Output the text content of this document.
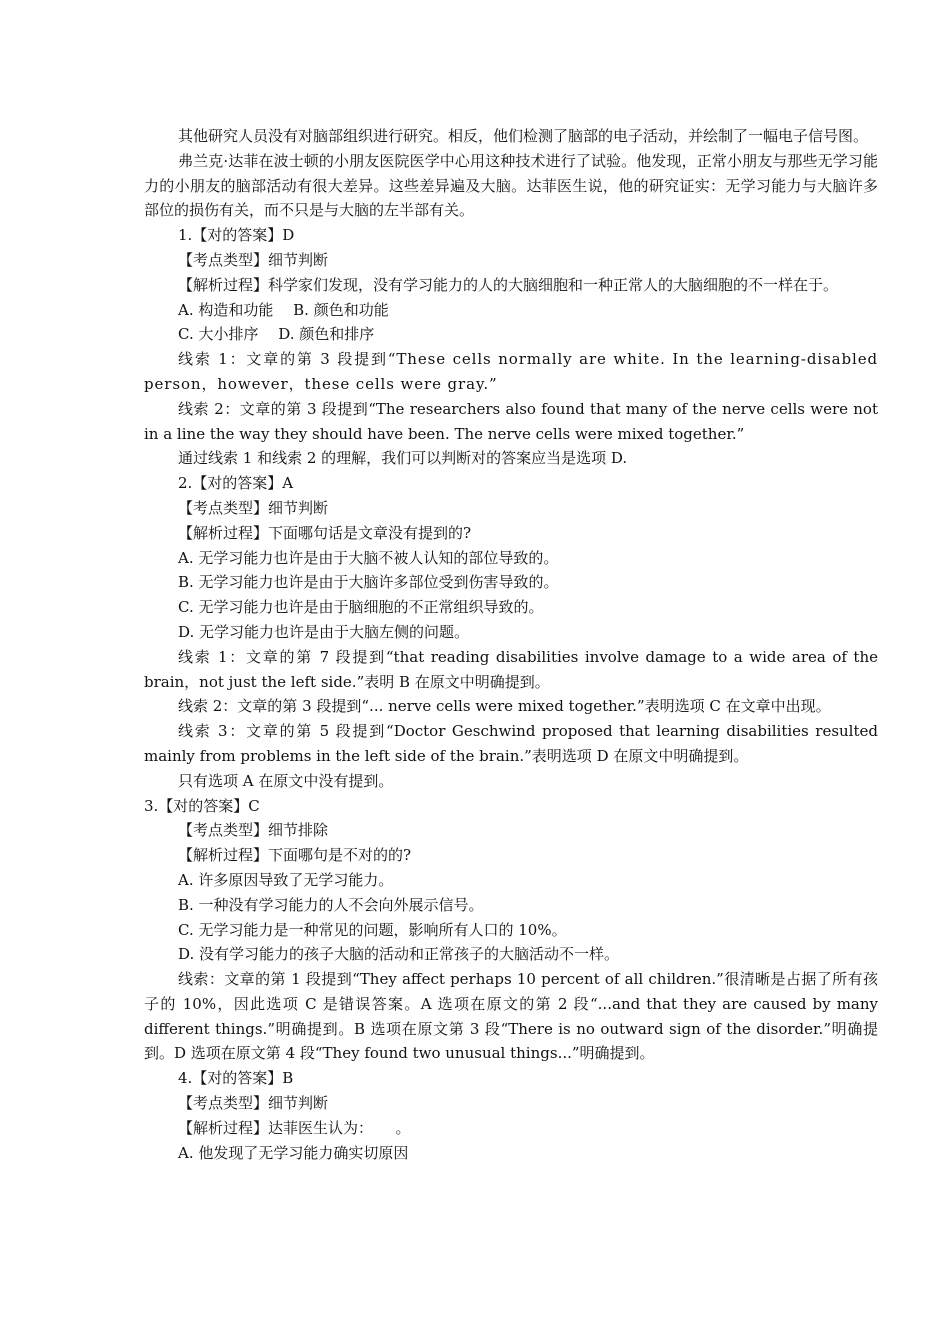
其他研究人员没有对脑部组织进行研究。相反，他们检测了脑部的电子活动，并绘制了一幅电子信号图。

弗兰克·达菲在波士顿的小朋友医院医学中心用这种技术进行了试验。他发现，正常小朋友与那些无学习能力的小朋友的脑部活动有很大差异。这些差异遍及大脑。达菲医生说，他的研究证实：无学习能力与大脑许多部位的损伤有关，而不只是与大脑的左半部有关。

1.【对的答案】D

【考点类型】细节判断

【解析过程】科学家们发现，没有学习能力的人的大脑细胞和一种正常人的大脑细胞的不一样在于。

A. 构造和功能　 B. 颜色和功能

C. 大小排序　 D. 颜色和排序

线索 1：文章的第 3 段提到“These cells normally are white. In the learning-disabled person，however，these cells were gray.”

线索 2：文章的第 3 段提到“The researchers also found that many of the nerve cells were not in a line the way they should have been. The nerve cells were mixed together.”

通过线索 1 和线索 2 的理解，我们可以判断对的答案应当是选项 D.

2.【对的答案】A

【考点类型】细节判断

【解析过程】下面哪句话是文章没有提到的?

A. 无学习能力也许是由于大脑不被人认知的部位导致的。

B. 无学习能力也许是由于大脑许多部位受到伤害导致的。

C. 无学习能力也许是由于脑细胞的不正常组织导致的。

D. 无学习能力也许是由于大脑左侧的问题。

线索 1：文章的第 7 段提到“that reading disabilities involve damage to a wide area of the brain，not just the left side.”表明 B 在原文中明确提到。

线索 2：文章的第 3 段提到“... nerve cells were mixed together.”表明选项 C 在文章中出现。

线索 3：文章的第 5 段提到“Doctor Geschwind proposed that learning disabilities resulted mainly from problems in the left side of the brain.”表明选项 D 在原文中明确提到。

只有选项 A 在原文中没有提到。

3.【对的答案】C

【考点类型】细节排除

【解析过程】下面哪句是不对的的?

A. 许多原因导致了无学习能力。

B. 一种没有学习能力的人不会向外展示信号。

C. 无学习能力是一种常见的问题，影响所有人口的 10%。

D. 没有学习能力的孩子大脑的活动和正常孩子的大脑活动不一样。

线索：文章的第 1 段提到“They affect perhaps 10 percent of all children.”很清晰是占据了所有孩子的 10%，因此选项 C 是错误答案。A 选项在原文的第 2 段“...and that they are caused by many different things.”明确提到。B 选项在原文第 3 段“There is no outward sign of the disorder.”明确提到。D 选项在原文第 4 段“They found two unusual things...”明确提到。

4.【对的答案】B

【考点类型】细节判断

【解析过程】达菲医生认为：　　。

A. 他发现了无学习能力确实切原因
